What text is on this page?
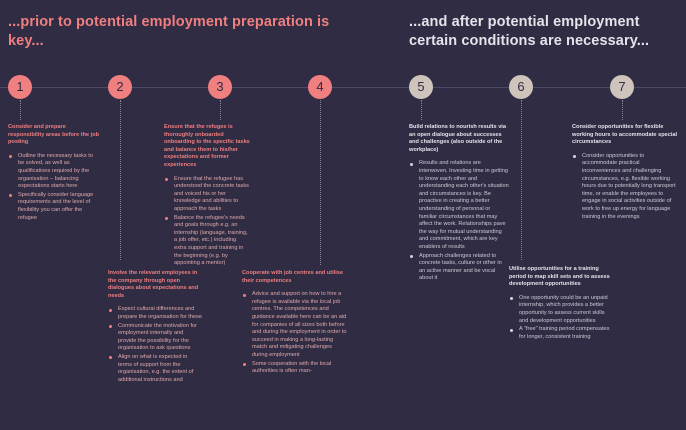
...prior to potential employment preparation is key...
...and after potential employment certain conditions are necessary...
1	2	3	4	5	6	7
Consider and prepare responsibility areas before the job posting
Outline the necessary tasks to be solved, as well as qualifications required by the organisation – balancing expectations starts here
Specifically consider language requirements and the level of flexibility you can offer the refugee
Involve the relevant employees in the company through open dialogues about expectations and needs
Expect cultural differences and prepare the organisation for these
Communicate the motivation for employment internally and provide the possibility for the organisation to ask questions
Align on what is expected in terms of support from the organisation, e.g. the extent of additional instructions and
Ensure that the refugee is thoroughly onboarded onboarding to the specific tasks and balance them to his/her expectations and former experiences
Ensure that the refugee has understood the concrete tasks and voiced his or her knowledge and abilities to approach the tasks
Balance the refugee's needs and goals through e.g. an internship (language, training, a job offer, etc.) including extra support and training in the beginning (e.g. by appointing a mentor)
Cooperate with job centres and utilise their competences
Advice and support on how to hire a refugee is available via the local job centres. The competences and guidance available here can be an aid for companies of all sizes both before and during the employment in order to succeed in making a long-lasting match and mitigating challenges during employment
Some cooperation with the local authorities is often man-
Build relations to nourish results via an open dialogue about successes and challenges (also outside of the workplace)
Results and relations are interwoven. Investing time in getting to know each other and understanding each other's situation and circumstances is key. Be proactive in creating a better understanding of personal or familiar circumstances that may affect the work. Relationships pave the way for mutual understanding and commitment, which are key enablers of results
Approach challenges related to concrete tasks, culture or other in an active manner and be vocal about it
Utilise opportunities for a training period to map skill sets and to assess development opportunities
One opportunity could be an unpaid internship, which provides a better opportunity to assess current skills and development opportunities
A "free" training period compensates for longer, consistent training
Consider opportunities for flexible working hours to accommodate special circumstances
Consider opportunities to accommodate practical inconveniences and challenging circumstances, e.g. flexible working hours due to potentially long transport time, or enable the employees to engage in social activities outside of work to free up energy for language training in the evenings
